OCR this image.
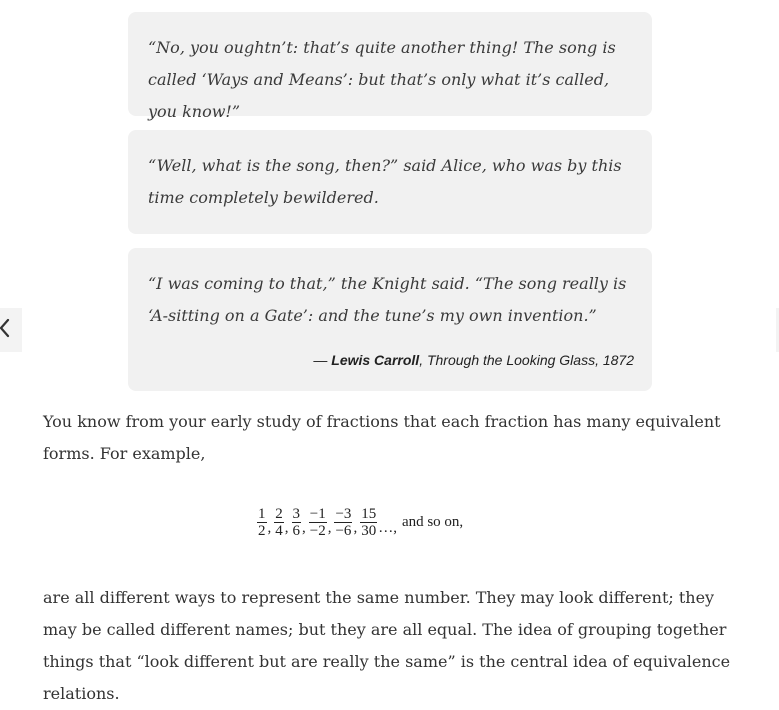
“No, you oughtn’t: that’s quite another thing! The song is called ‘Ways and Means’: but that’s only what it’s called, you know!”

“Well, what is the song, then?” said Alice, who was by this time completely bewildered.

“I was coming to that,” the Knight said. “The song really is ‘A-sitting on a Gate’: and the tune’s my own invention.”

— Lewis Carroll, Through the Looking Glass, 1872

You know from your early study of fractions that each fraction has many equivalent forms. For example,

$\frac{1}{2}$ , $\frac{2}{4}$ , $\frac{3}{6}$ , $\frac{-1}{-2}$ , $\frac{-3}{-6}$ , $\frac{15}{30}$ …, and so on,

are all different ways to represent the same number. They may look different; they may be called different names; but they are all equal. The idea of grouping together things that “look different but are really the same” is the central idea of equivalence relations.
